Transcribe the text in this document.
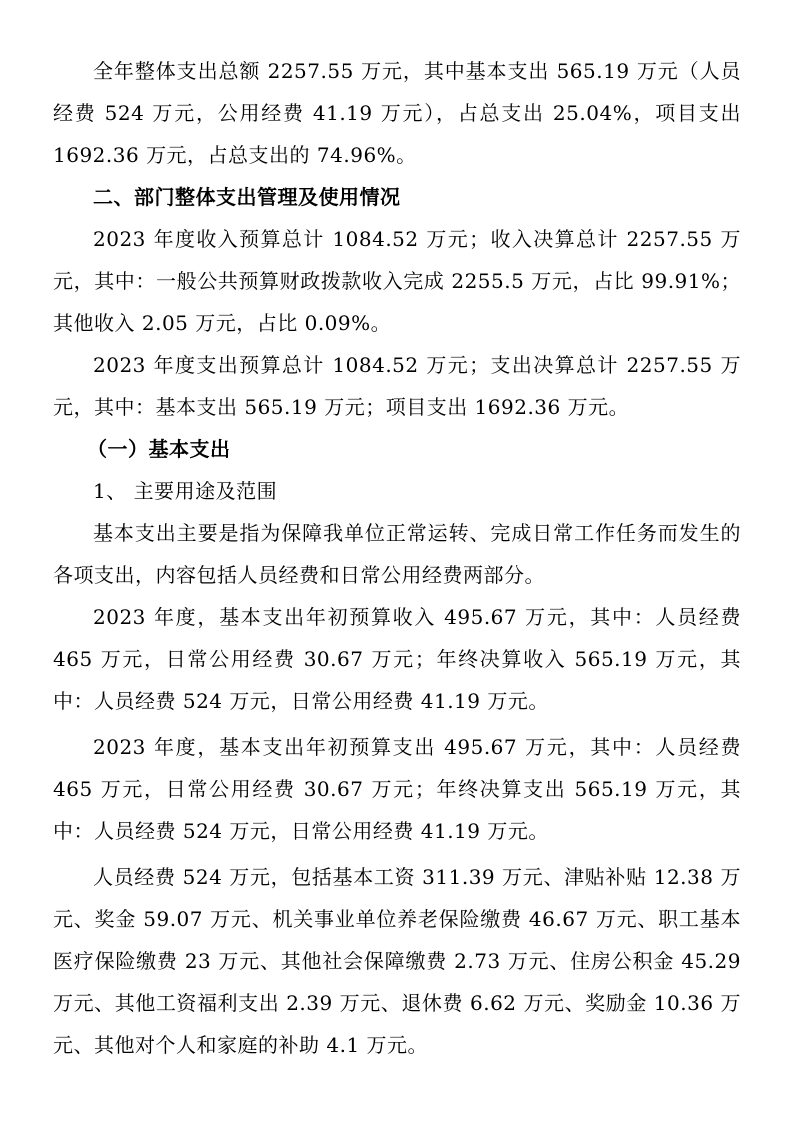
全年整体支出总额 2257.55 万元，其中基本支出 565.19 万元（人员经费 524 万元，公用经费 41.19 万元），占总支出 25.04%，项目支出 1692.36 万元，占总支出的 74.96%。

二、部门整体支出管理及使用情况

2023 年度收入预算总计 1084.52 万元；收入决算总计 2257.55 万元，其中：一般公共预算财政拨款收入完成 2255.5 万元，占比 99.91%；其他收入 2.05 万元，占比 0.09%。

2023 年度支出预算总计 1084.52 万元；支出决算总计 2257.55 万元，其中：基本支出 565.19 万元；项目支出 1692.36 万元。

（一）基本支出

1、 主要用途及范围

基本支出主要是指为保障我单位正常运转、完成日常工作任务而发生的各项支出，内容包括人员经费和日常公用经费两部分。

2023 年度，基本支出年初预算收入 495.67 万元，其中：人员经费 465 万元，日常公用经费 30.67 万元；年终决算收入 565.19 万元，其中：人员经费 524 万元，日常公用经费 41.19 万元。

2023 年度，基本支出年初预算支出 495.67 万元，其中：人员经费 465 万元，日常公用经费 30.67 万元；年终决算支出 565.19 万元，其中：人员经费 524 万元，日常公用经费 41.19 万元。

人员经费 524 万元，包括基本工资 311.39 万元、津贴补贴 12.38 万元、奖金 59.07 万元、机关事业单位养老保险缴费 46.67 万元、职工基本医疗保险缴费 23 万元、其他社会保障缴费 2.73 万元、住房公积金 45.29 万元、其他工资福利支出 2.39 万元、退休费 6.62 万元、奖励金 10.36 万元、其他对个人和家庭的补助 4.1 万元。
